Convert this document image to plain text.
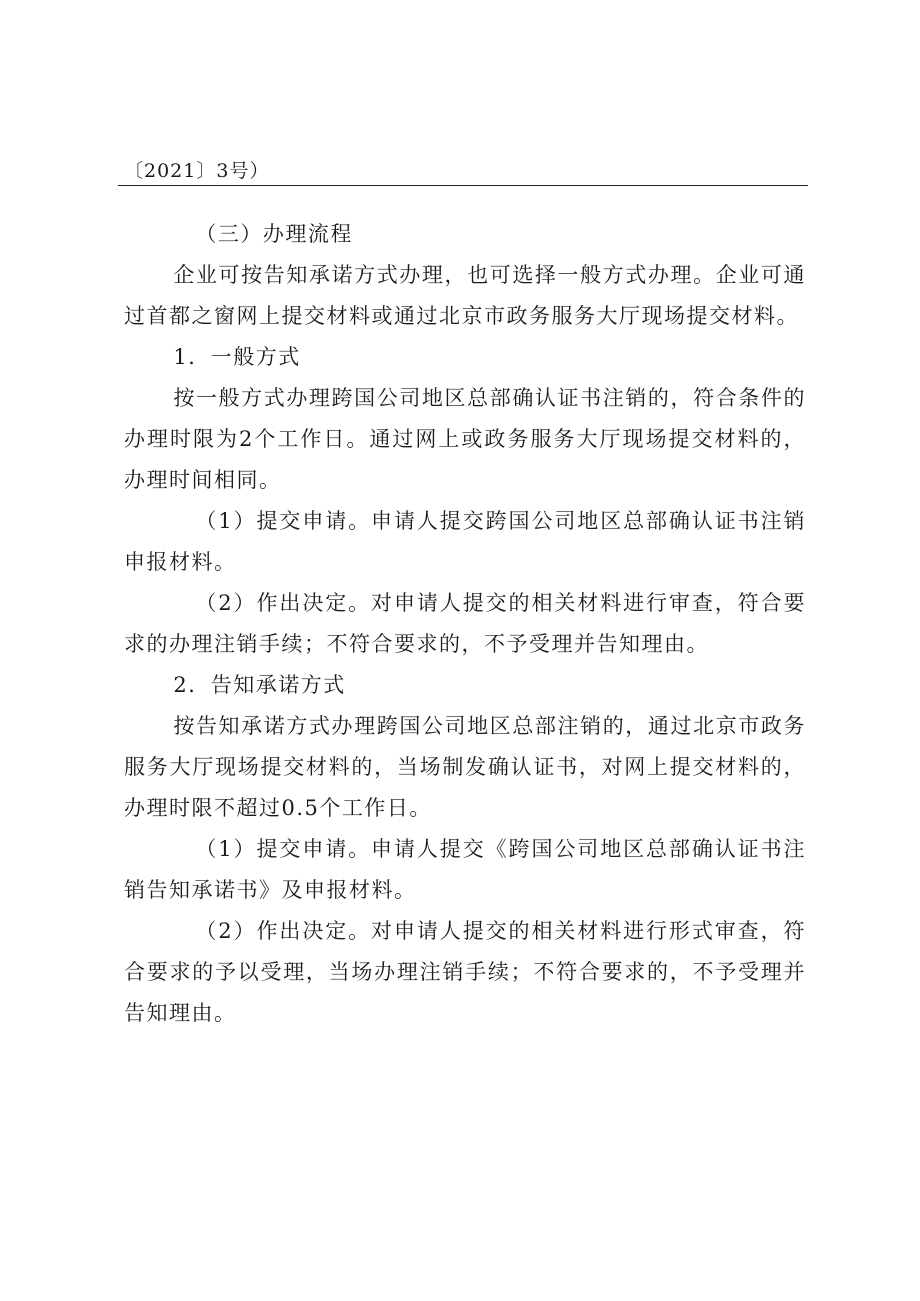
〔2021〕3号）

（三）办理流程

企业可按告知承诺方式办理，也可选择一般方式办理。企业可通过首都之窗网上提交材料或通过北京市政务服务大厅现场提交材料。

1．一般方式

按一般方式办理跨国公司地区总部确认证书注销的，符合条件的办理时限为2个工作日。通过网上或政务服务大厅现场提交材料的，办理时间相同。

（1）提交申请。申请人提交跨国公司地区总部确认证书注销申报材料。

（2）作出决定。对申请人提交的相关材料进行审查，符合要求的办理注销手续；不符合要求的，不予受理并告知理由。

2．告知承诺方式

按告知承诺方式办理跨国公司地区总部注销的，通过北京市政务服务大厅现场提交材料的，当场制发确认证书，对网上提交材料的，办理时限不超过0.5个工作日。

（1）提交申请。申请人提交《跨国公司地区总部确认证书注销告知承诺书》及申报材料。

（2）作出决定。对申请人提交的相关材料进行形式审查，符合要求的予以受理，当场办理注销手续；不符合要求的，不予受理并告知理由。
